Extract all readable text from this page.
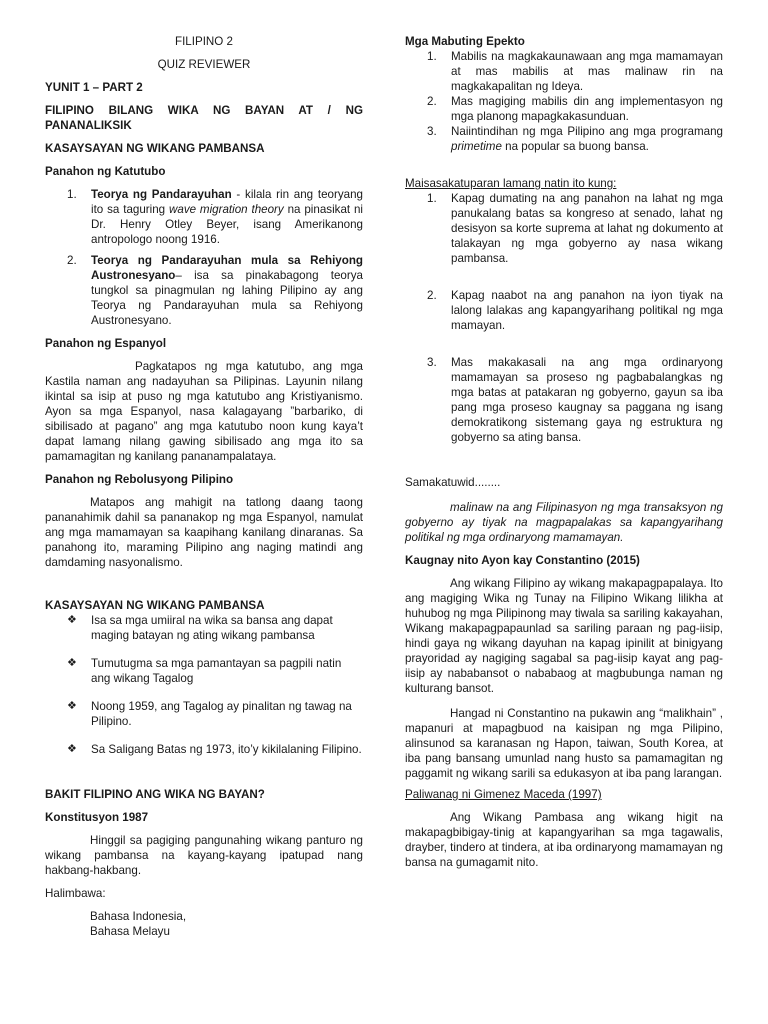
FILIPINO 2

QUIZ REVIEWER

YUNIT 1 – PART 2

FILIPINO BILANG WIKA NG BAYAN AT / NG PANANALIKSIK

KASAYSAYAN NG WIKANG PAMBANSA

Panahon ng Katutubo

1. Teorya ng Pandarayuhan - kilala rin ang teoryang ito sa taguring wave migration theory na pinasikat ni Dr. Henry Otley Beyer, isang Amerikanong antropologo noong 1916.
2. Teorya ng Pandarayuhan mula sa Rehiyong Austronesyano– isa sa pinakabagong teorya tungkol sa pinagmulan ng lahing Pilipino ay ang Teorya ng Pandarayuhan mula sa Rehiyong Austronesyano.

Panahon ng Espanyol

Pagkatapos ng mga katutubo, ang mga Kastila naman ang nadayuhan sa Pilipinas. Layunin nilang ikintal sa isip at puso ng mga katutubo ang Kristiyanismo. Ayon sa mga Espanyol, nasa kalagayang ”barbariko, di sibilisado at pagano” ang mga katutubo noon kung kaya’t dapat lamang nilang gawing sibilisado ang mga ito sa pamamagitan ng kanilang pananampalataya.

Panahon ng Rebolusyong Pilipino

Matapos ang mahigit na tatlong daang taong pananahimik dahil sa pananakop ng mga Espanyol, namulat ang mga mamamayan sa kaapihang kanilang dinaranas. Sa panahong ito, maraming Pilipino ang naging matindi ang damdaming nasyonalismo.

KASAYSAYAN NG WIKANG PAMBANSA

❖ Isa sa mga umiiral na wika sa bansa ang dapat maging batayan ng ating wikang pambansa
❖ Tumutugma sa mga pamantayan sa pagpili natin ang wikang Tagalog
❖ Noong 1959, ang Tagalog ay pinalitan ng tawag na Pilipino.
❖ Sa Saligang Batas ng 1973, ito’y kikilalaning Filipino.

BAKIT FILIPINO ANG WIKA NG BAYAN?

Konstitusyon 1987

Hinggil sa pagiging pangunahing wikang panturo ng wikang pambansa na kayang-kayang ipatupad nang hakbang-hakbang.

Halimbawa:

Bahasa Indonesia,

Bahasa Melayu

Mga Mabuting Epekto

1. Mabilis na magkakaunawaan ang mga mamamayan at mas mabilis at mas malinaw rin na magkakapalitan ng Ideya.
2. Mas magiging mabilis din ang implementasyon ng mga planong mapagkakasunduan.
3. Naiintindihan ng mga Pilipino ang mga programang primetime na popular sa buong bansa.

Maisasakatuparan lamang natin ito kung:

1. Kapag dumating na ang panahon na lahat ng mga panukalang batas sa kongreso at senado, lahat ng desisyon sa korte suprema at lahat ng dokumento at talakayan ng mga gobyerno ay nasa wikang pambansa.
2. Kapag naabot na ang panahon na iyon tiyak na lalong lalakas ang kapangyarihang politikal ng mga mamayan.
3. Mas makakasali na ang mga ordinaryong mamamayan sa proseso ng pagbabalangkas ng mga batas at patakaran ng gobyerno, gayun sa iba pang mga proseso kaugnay sa paggana ng isang demokratikong sistemang gaya ng estruktura ng gobyerno sa ating bansa.

Samakatuwid........

malinaw na ang Filipinasyon ng mga transaksyon ng gobyerno ay tiyak na magpapalakas sa kapangyarihang politikal ng mga ordinaryong mamamayan.

Kaugnay nito Ayon kay Constantino (2015)

Ang wikang Filipino ay wikang makapagpapalaya. Ito ang magiging Wika ng Tunay na Filipino Wikang lilikha at huhubog ng mga Pilipinong may tiwala sa sariling kakayahan, Wikang makapagpapaunlad sa sariling paraan ng pag-iisip, hindi gaya ng wikang dayuhan na kapag ipinilit at binigyang prayoridad ay nagiging sagabal sa pag-iisip kayat ang pag-iisip ay nababansot o nababaog at magbubunga naman ng kulturang bansot.

Hangad ni Constantino na pukawin ang “malikhain” , mapanuri at mapagbuod na kaisipan ng mga Pilipino, alinsunod sa karanasan ng Hapon, taiwan, South Korea, at iba pang bansang umunlad nang husto sa pamamagitan ng paggamit ng wikang sarili sa edukasyon at iba pang larangan.

Paliwanag ni Gimenez Maceda (1997)

Ang Wikang Pambasa ang wikang higit na makapagbibigay-tinig at kapangyarihan sa mga tagawalis, drayber, tindero at tindera, at iba ordinaryong mamamayan ng bansa na gumagamit nito.
